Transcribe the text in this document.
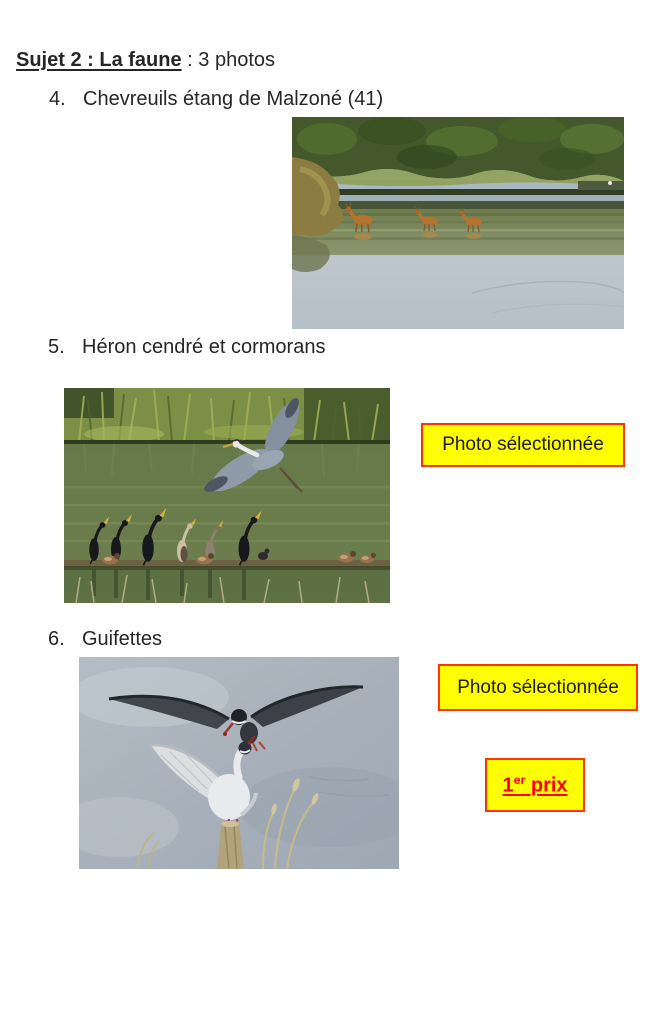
Sujet 2 : La faune : 3 photos
4. Chevreuils étang de Malzoné (41)
5. Héron cendré et cormorans
Photo sélectionnée
6. Guifettes
Photo sélectionnée
1er prix
